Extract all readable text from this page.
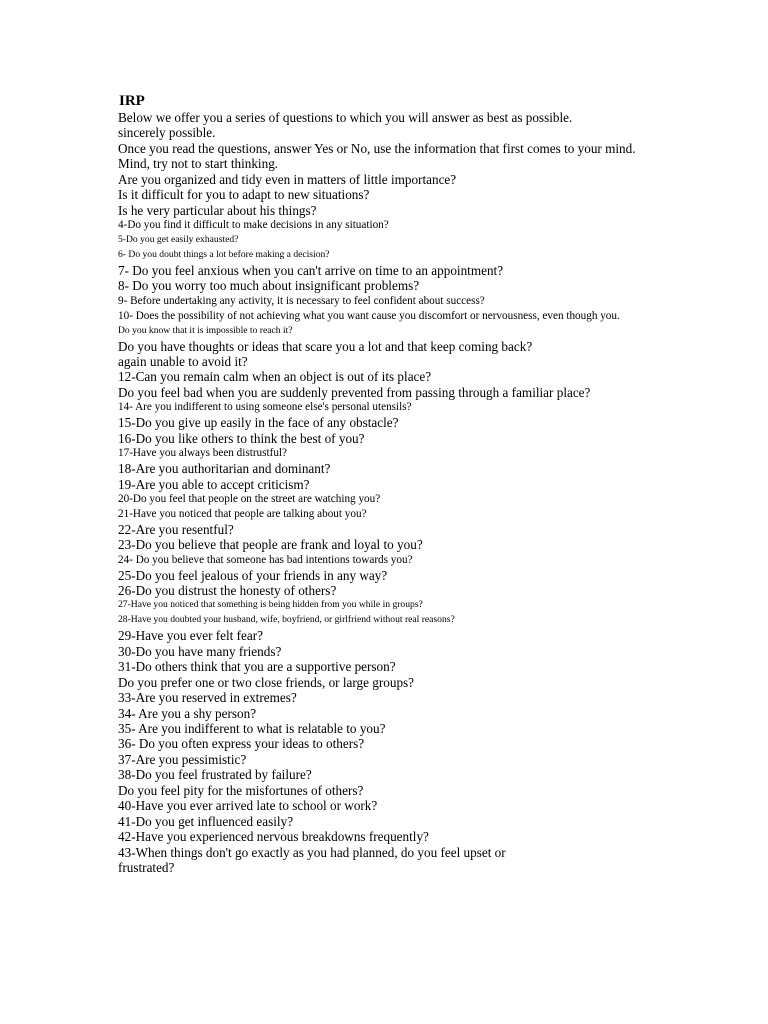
IRP
Below we offer you a series of questions to which you will answer as best as possible.
sincerely possible.
Once you read the questions, answer Yes or No, use the information that first comes to your mind.
Mind, try not to start thinking.
Are you organized and tidy even in matters of little importance?
Is it difficult for you to adapt to new situations?
Is he very particular about his things?
4-Do you find it difficult to make decisions in any situation?
5-Do you get easily exhausted?
6- Do you doubt things a lot before making a decision?
7- Do you feel anxious when you can't arrive on time to an appointment?
8- Do you worry too much about insignificant problems?
9- Before undertaking any activity, it is necessary to feel confident about success?
10- Does the possibility of not achieving what you want cause you discomfort or nervousness, even though you.
Do you know that it is impossible to reach it?
Do you have thoughts or ideas that scare you a lot and that keep coming back?
again unable to avoid it?
12-Can you remain calm when an object is out of its place?
Do you feel bad when you are suddenly prevented from passing through a familiar place?
14- Are you indifferent to using someone else's personal utensils?
15-Do you give up easily in the face of any obstacle?
16-Do you like others to think the best of you?
17-Have you always been distrustful?
18-Are you authoritarian and dominant?
19-Are you able to accept criticism?
20-Do you feel that people on the street are watching you?
21-Have you noticed that people are talking about you?
22-Are you resentful?
23-Do you believe that people are frank and loyal to you?
24- Do you believe that someone has bad intentions towards you?
25-Do you feel jealous of your friends in any way?
26-Do you distrust the honesty of others?
27-Have you noticed that something is being hidden from you while in groups?
28-Have you doubted your husband, wife, boyfriend, or girlfriend without real reasons?
29-Have you ever felt fear?
30-Do you have many friends?
31-Do others think that you are a supportive person?
Do you prefer one or two close friends, or large groups?
33-Are you reserved in extremes?
34- Are you a shy person?
35- Are you indifferent to what is relatable to you?
36- Do you often express your ideas to others?
37-Are you pessimistic?
38-Do you feel frustrated by failure?
Do you feel pity for the misfortunes of others?
40-Have you ever arrived late to school or work?
41-Do you get influenced easily?
42-Have you experienced nervous breakdowns frequently?
43-When things don't go exactly as you had planned, do you feel upset or
frustrated?
